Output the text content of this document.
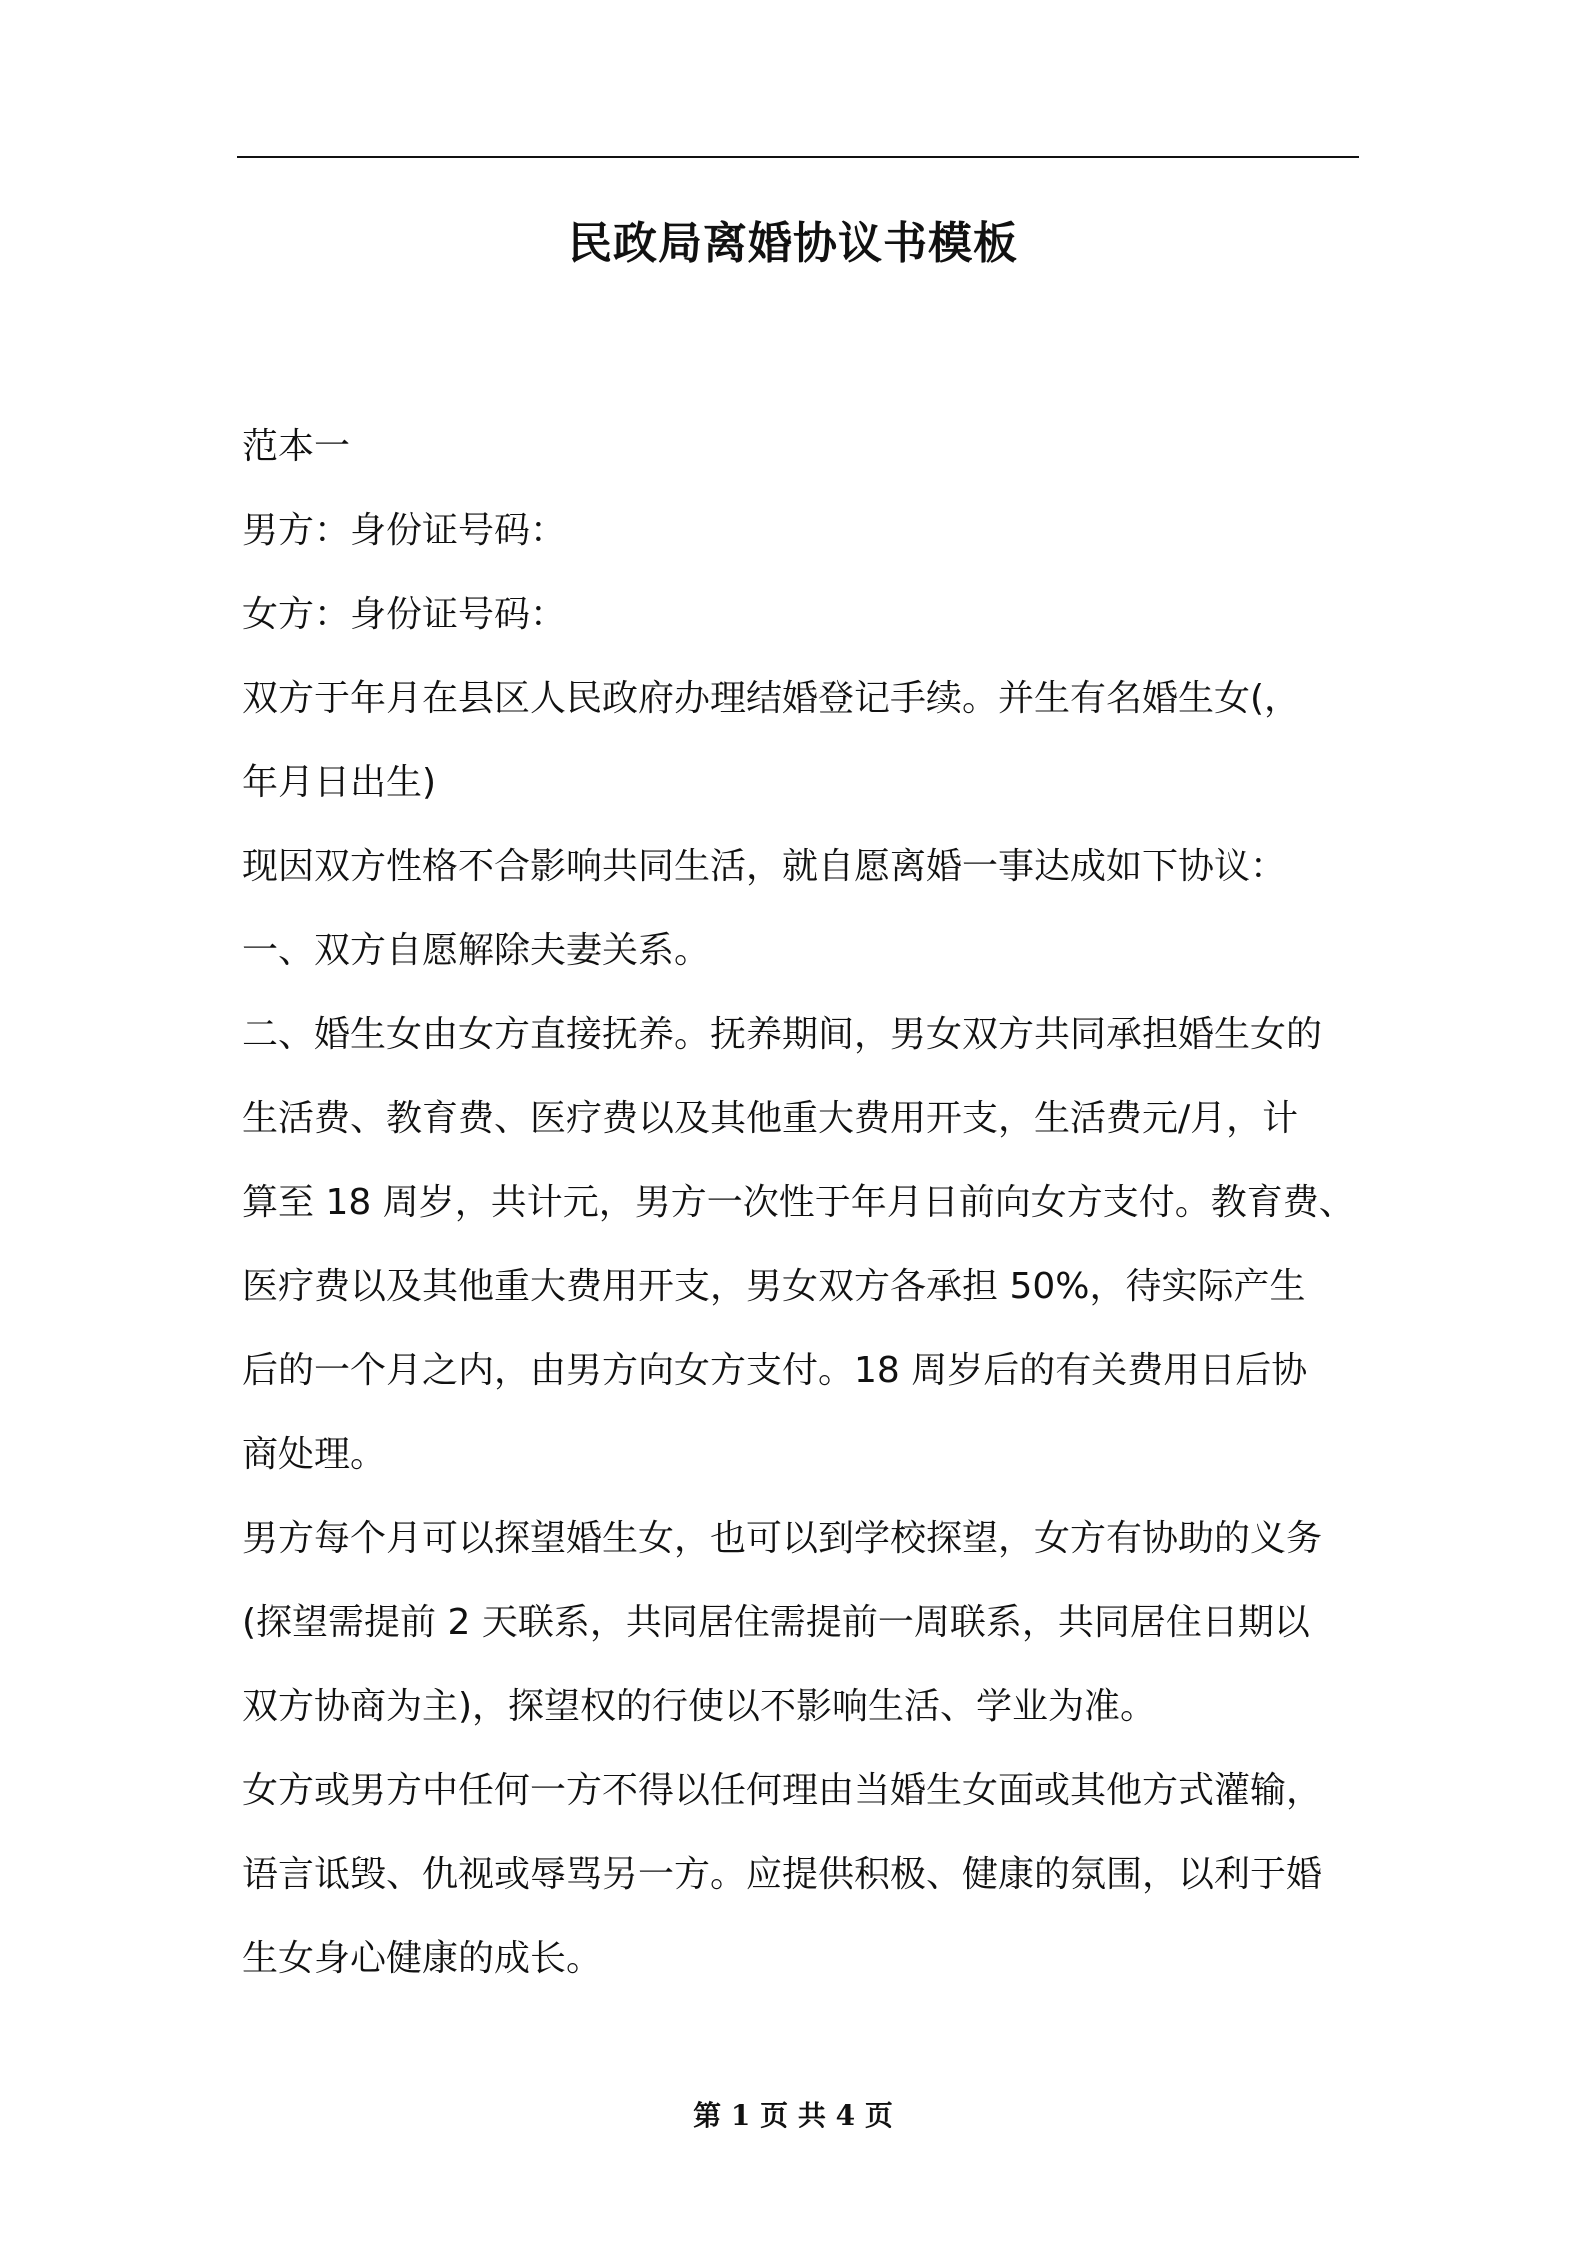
民政局离婚协议书模板

范本一

男方：身份证号码：

女方：身份证号码：

双方于年月在县区人民政府办理结婚登记手续。并生有名婚生女(，

年月日出生)

现因双方性格不合影响共同生活，就自愿离婚一事达成如下协议：

一、双方自愿解除夫妻关系。

二、婚生女由女方直接抚养。抚养期间，男女双方共同承担婚生女的

生活费、教育费、医疗费以及其他重大费用开支，生活费元/月，计

算至 18 周岁，共计元，男方一次性于年月日前向女方支付。教育费、

医疗费以及其他重大费用开支，男女双方各承担 50%，待实际产生

后的一个月之内，由男方向女方支付。18 周岁后的有关费用日后协

商处理。

男方每个月可以探望婚生女，也可以到学校探望，女方有协助的义务

(探望需提前 2 天联系，共同居住需提前一周联系，共同居住日期以

双方协商为主)，探望权的行使以不影响生活、学业为准。

女方或男方中任何一方不得以任何理由当婚生女面或其他方式灌输，

语言诋毁、仇视或辱骂另一方。应提供积极、健康的氛围，以利于婚

生女身心健康的成长。

第 1 页 共 4 页
